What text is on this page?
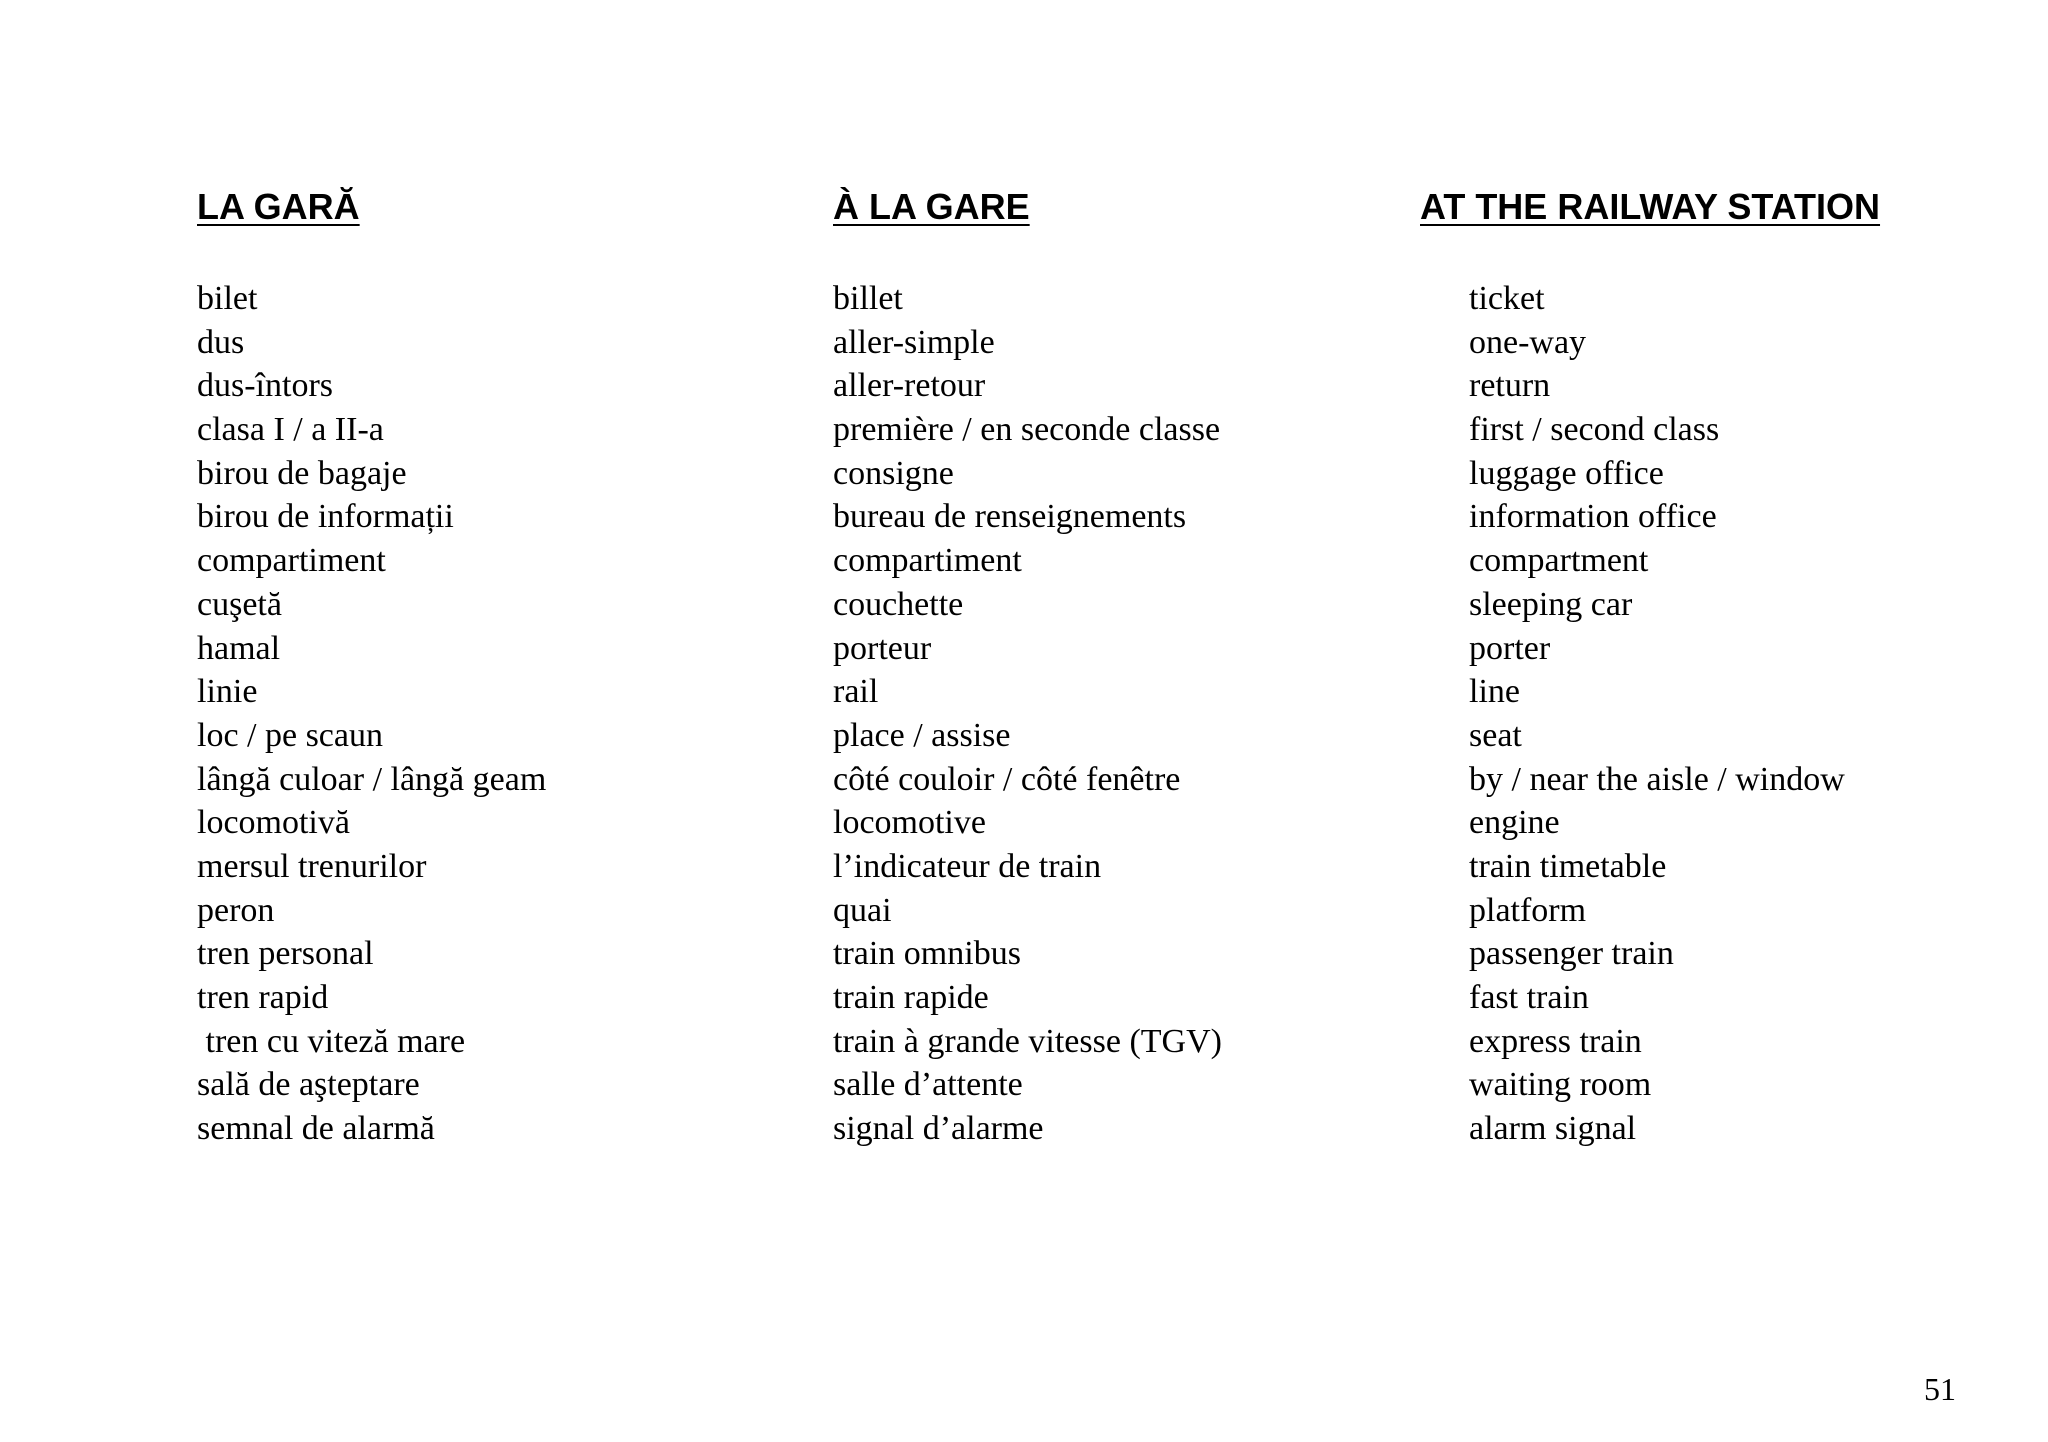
LA GARĂ
bilet
dus
dus-întors
clasa I / a II-a
birou de bagaje
birou de informații
compartiment
cuşetă
hamal
linie
loc / pe scaun
lângă culoar / lângă geam
locomotivă
mersul trenurilor
peron
tren personal
tren rapid
tren cu viteză mare
sală de aşteptare
semnal de alarmă
À LA GARE
billet
aller-simple
aller-retour
première / en seconde classe
consigne
bureau de renseignements
compartiment
couchette
porteur
rail
place / assise
côté couloir / côté fenêtre
locomotive
l’indicateur de train
quai
train omnibus
train rapide
train à grande vitesse (TGV)
salle d’attente
signal d’alarme
AT THE RAILWAY STATION
ticket
one-way
return
first / second class
luggage office
information office
compartment
sleeping car
porter
line
seat
by / near the aisle / window
engine
train timetable
platform
passenger train
fast train
express train
waiting room
alarm signal
51
